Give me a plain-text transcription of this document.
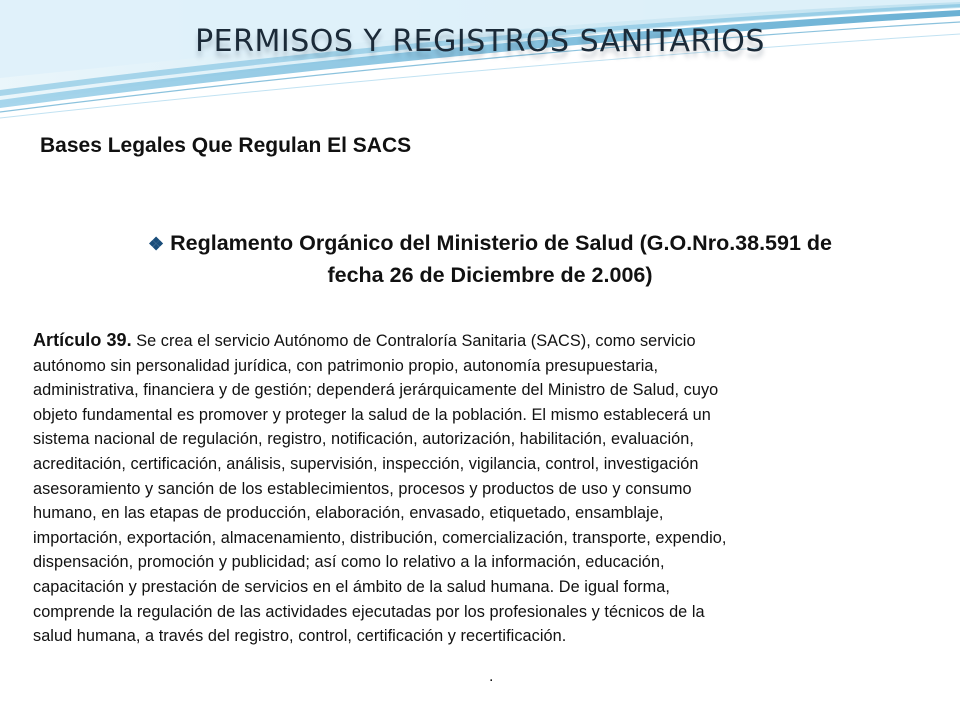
PERMISOS Y REGISTROS SANITARIOS
Bases Legales Que Regulan El SACS
❖ Reglamento Orgánico del Ministerio de Salud (G.O.Nro.38.591 de
fecha 26 de Diciembre de 2.006)
Artículo 39. Se crea el servicio Autónomo de Contraloría Sanitaria (SACS), como servicio
autónomo sin personalidad jurídica, con patrimonio propio, autonomía presupuestaria,
administrativa, financiera y de gestión; dependerá jerárquicamente del Ministro de Salud, cuyo
objeto fundamental es promover y proteger la salud de la población. El mismo establecerá un
sistema nacional de regulación, registro, notificación, autorización, habilitación, evaluación,
acreditación, certificación, análisis, supervisión, inspección, vigilancia, control, investigación
asesoramiento y sanción de los establecimientos, procesos y productos de uso y consumo
humano, en las etapas de producción, elaboración, envasado, etiquetado, ensamblaje,
importación, exportación, almacenamiento, distribución, comercialización, transporte, expendio,
dispensación, promoción y publicidad; así como lo relativo a la información, educación,
capacitación y prestación de servicios en el ámbito de la salud humana. De igual forma,
comprende la regulación de las actividades ejecutadas por los profesionales y técnicos de la
salud humana, a través del registro, control, certificación y recertificación.
.
